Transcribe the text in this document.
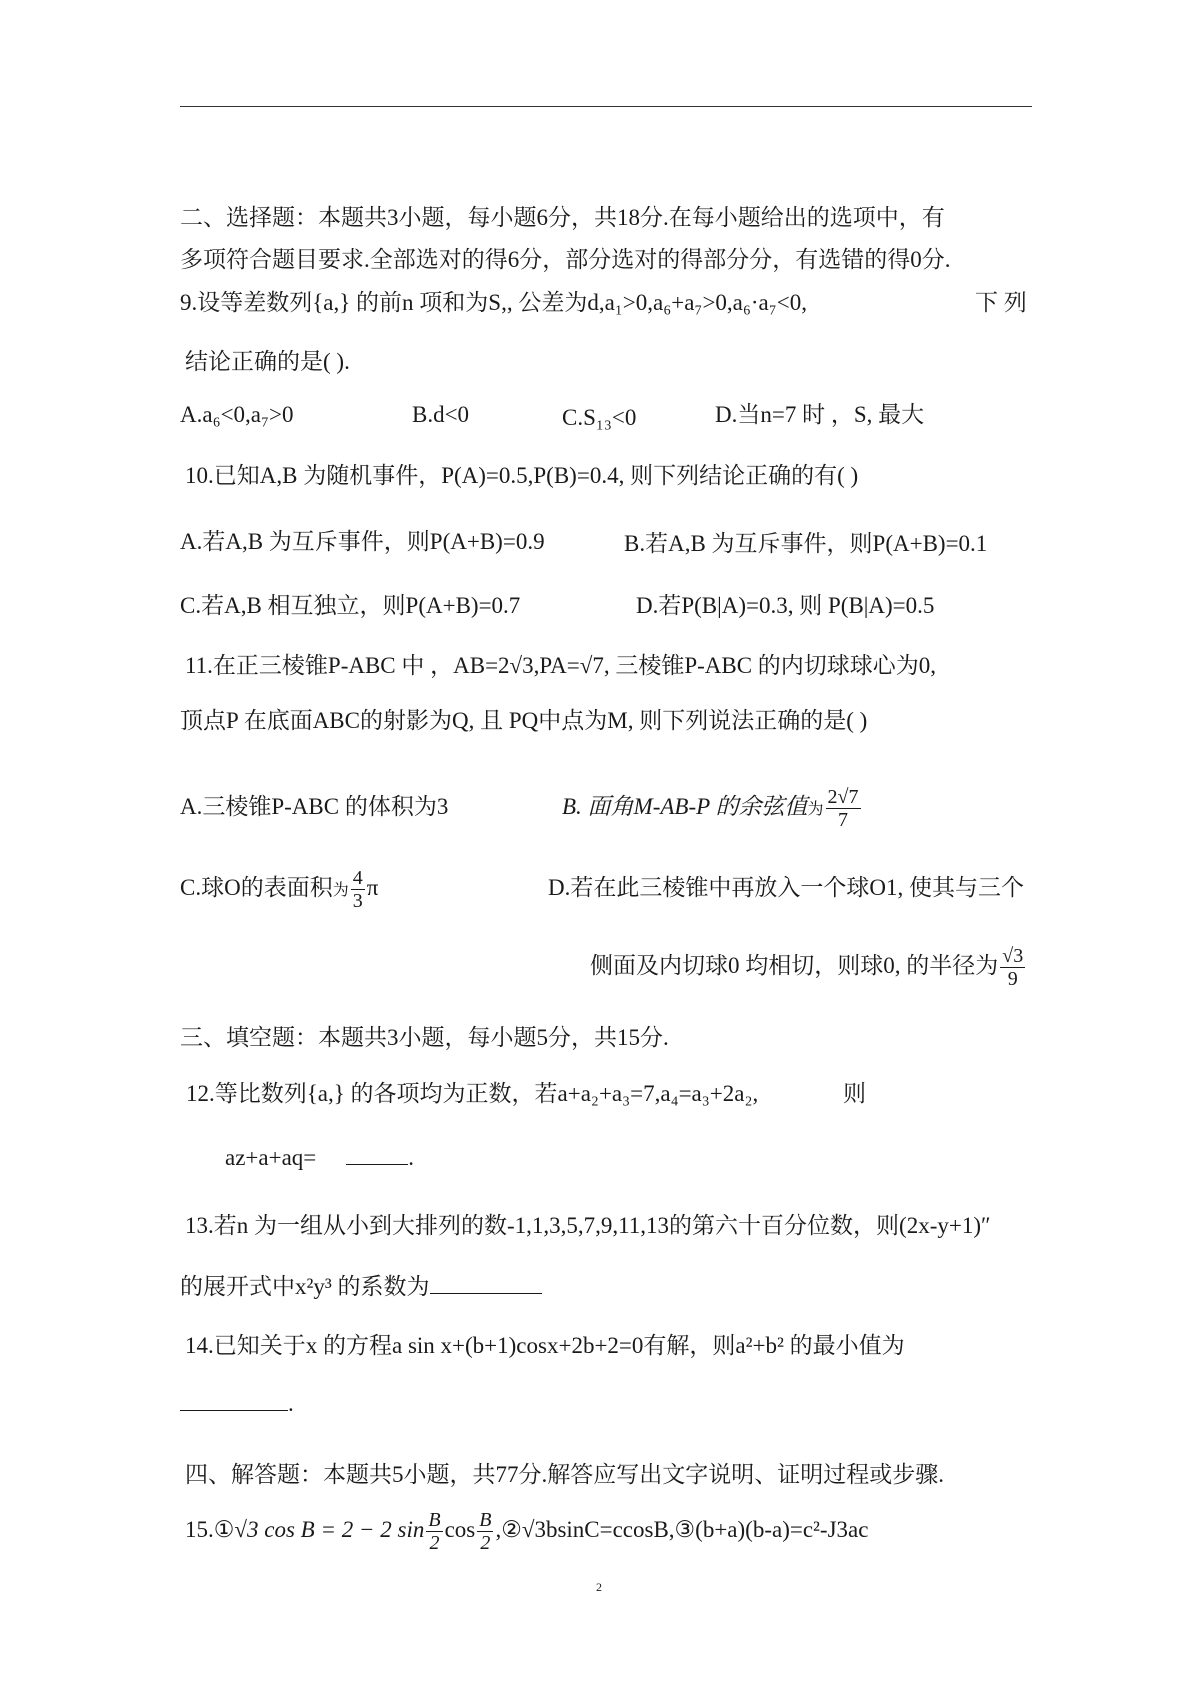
二、选择题：本题共3小题，每小题6分，共18分.在每小题给出的选项中，有
多项符合题目要求.全部选对的得6分，部分选对的得部分分，有选错的得0分.
9.设等差数列{a,} 的前n 项和为S,, 公差为d,a₁>0,a₆+a₇>0,a₆·a₇<0,	下 列
结论正确的是( ).
A.a₆<0,a₇>0	B.d<0	C.S₁₃<0	D.当n=7 时 ，S, 最大
10.已知A,B 为随机事件，P(A)=0.5,P(B)=0.4, 则下列结论正确的有( )
A.若A,B 为互斥事件，则P(A+B)=0.9	B.若A,B 为互斥事件，则P(A+B)=0.1
C.若A,B 相互独立，则P(A+B)=0.7	D.若P(B|A)=0.3, 则 P(B|A)=0.5
11.在正三棱锥P-ABC 中 ，AB=2√3,PA=√7, 三棱锥P-ABC 的内切球球心为0,
顶点P 在底面ABC的射影为Q, 且 PQ中点为M, 则下列说法正确的是( )
A.三棱锥P-ABC 的体积为3	B. 面角M-AB-P 的余弦值为 $\frac{2√7}{7}$
C.球O的表面积为 $\frac{4}{3}$ π	D.若在此三棱锥中再放入一个球O1, 使其与三个
侧面及内切球0 均相切，则球0, 的半径为 $\frac{√3}{9}$
三、填空题：本题共3小题，每小题5分，共15分.
12.等比数列{a,} 的各项均为正数，若a+a₂+a₃=7,a₄=a₃+2a₂,	则
az+a+aq=	.
13.若n 为一组从小到大排列的数-1,1,3,5,7,9,11,13的第六十百分位数，则(2x-y+1)″
的展开式中x²y³ 的系数为
14.已知关于x 的方程a sin x+(b+1)cosx+2b+2=0有解，则a²+b² 的最小值为
.
四、解答题：本题共5小题，共77分.解答应写出文字说明、证明过程或步骤.
15.①√3 cos B = 2 − 2 $\sin \frac{B}{2}$ $\cos \frac{B}{2}$ ,②√3bsinC=ccosB,③(b+a)(b-a)=c²-J3ac
2
